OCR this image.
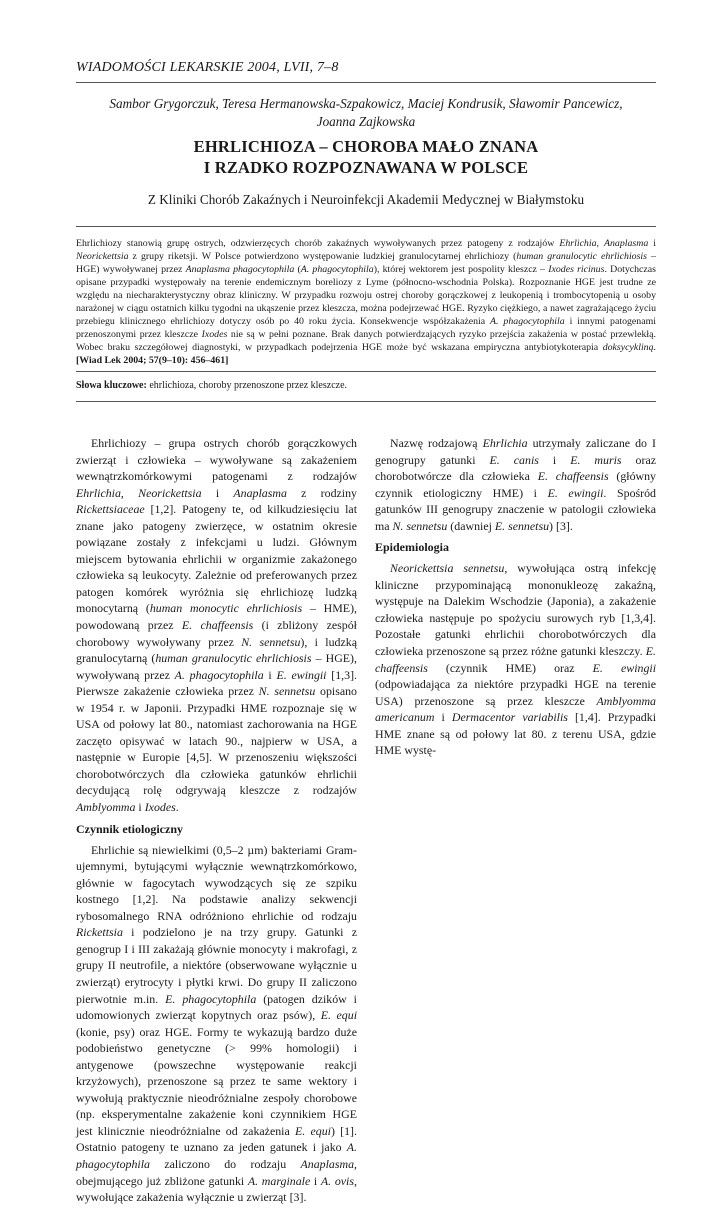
WIADOMOŚCI LEKARSKIE 2004, LVII, 7–8
Sambor Grygorczuk, Teresa Hermanowska-Szpakowicz, Maciej Kondrusik, Sławomir Pancewicz,
Joanna Zajkowska
EHRLICHIOZA – CHOROBA MAŁO ZNANA
I RZADKO ROZPOZNAWANA W POLSCE
Z Kliniki Chorób Zakaźnych i Neuroinfekcji Akademii Medycznej w Białymstoku

Ehrlichiozy stanowią grupę ostrych, odzwierzęcych chorób zakaźnych wywoływanych przez patogeny z rodzajów Ehrlichia, Anaplasma i Neorickettsia z grupy riketsji. W Polsce potwierdzono występowanie ludzkiej granulocytarnej ehrlichiozy (human granulocytic ehrlichiosis – HGE) wywoływanej przez Anaplasma phagocytophila (A. phagocytophila), której wektorem jest pospolity kleszcz – Ixodes ricinus. Dotychczas opisane przypadki występowały na terenie endemicznym boreliozy z Lyme (północno-wschodnia Polska). Rozpoznanie HGE jest trudne ze względu na niecharakterystyczny obraz kliniczny. W przypadku rozwoju ostrej choroby gorączkowej z leukopenią i trombocytopenią u osoby narażonej w ciągu ostatnich kilku tygodni na ukąszenie przez kleszcza, można podejrzewać HGE. Ryzyko ciężkiego, a nawet zagrażającego życiu przebiegu klinicznego ehrlichiozy dotyczy osób po 40 roku życia. Konsekwencje współzakażenia A. phagocytophila i innymi patogenami przenoszonymi przez kleszcze Ixodes nie są w pełni poznane. Brak danych potwierdzających ryzyko przejścia zakażenia w postać przewlekłą. Wobec braku szczegółowej diagnostyki, w przypadkach podejrzenia HGE może być wskazana empiryczna antybiotykoterapia doksycykliną. [Wiad Lek 2004; 57(9–10): 456–461]

Słowa kluczowe: ehrlichioza, choroby przenoszone przez kleszcze.

Ehrlichiozy – grupa ostrych chorób gorączkowych zwierząt i człowieka – wywoływane są zakażeniem wewnątrzkomórkowymi patogenami z rodzajów Ehrlichia, Neorickettsia i Anaplasma z rodziny Rickettsiaceae [1,2]. Patogeny te, od kilkudziesięciu lat znane jako patogeny zwierzęce, w ostatnim okresie powiązane zostały z infekcjami u ludzi. Głównym miejscem bytowania ehrlichii w organizmie zakażonego człowieka są leukocyty. Zależnie od preferowanych przez patogen komórek wyróżnia się ehrlichiozę ludzką monocytarną (human monocytic ehrlichiosis – HME), powodowaną przez E. chaffeensis (i zbliżony zespół chorobowy wywoływany przez N. sennetsu), i ludzką granulocytarną (human granulocytic ehrlichiosis – HGE), wywoływaną przez A. phagocytophila i E. ewingii [1,3]. Pierwsze zakażenie człowieka przez N. sennetsu opisano w 1954 r. w Japonii. Przypadki HME rozpoznaje się w USA od połowy lat 80., natomiast zachorowania na HGE zaczęto opisywać w latach 90., najpierw w USA, a następnie w Europie [4,5]. W przenoszeniu większości chorobotwórczych dla człowieka gatunków ehrlichii decydującą rolę odgrywają kleszcze z rodzajów Amblyomma i Ixodes.

Czynnik etiologiczny

Ehrlichie są niewielkimi (0,5–2 µm) bakteriami Gram-ujemnymi, bytującymi wyłącznie wewnątrzkomórkowo, głównie w fagocytach wywodzących się ze szpiku kostnego [1,2]. Na podstawie analizy sekwencji rybosomalnego RNA odróżniono ehrlichie od rodzaju Rickettsia i podzielono je na trzy grupy. Gatunki z genogrup I i III zakażają głównie monocyty i makrofagi, z grupy II neutrofile, a niektóre (obserwowane wyłącznie u zwierząt) erytrocyty i płytki krwi. Do grupy II zaliczono pierwotnie m.in. E. phagocytophila (patogen dzików i udomowionych zwierząt kopytnych oraz psów), E. equi (konie, psy) oraz HGE. Formy te wykazują bardzo duże podobieństwo genetyczne (> 99% homologii) i antygenowe (powszechne występowanie reakcji krzyżowych), przenoszone są przez te same wektory i wywołują praktycznie nieodróżnialne zespoły chorobowe (np. eksperymentalne zakażenie koni czynnikiem HGE jest klinicznie nieodróżnialne od zakażenia E. equi) [1]. Ostatnio patogeny te uznano za jeden gatunek i jako A. phagocytophila zaliczono do rodzaju Anaplasma, obejmującego już zbliżone gatunki A. marginale i A. ovis, wywołujące zakażenia wyłącznie u zwierząt [3].

Nazwę rodzajową Ehrlichia utrzymały zaliczane do I genogrupy gatunki E. canis i E. muris oraz chorobotwórcze dla człowieka E. chaffeensis (główny czynnik etiologiczny HME) i E. ewingii. Spośród gatunków III genogrupy znaczenie w patologii człowieka ma N. sennetsu (dawniej E. sennetsu) [3].

Epidemiologia

Neorickettsia sennetsu, wywołująca ostrą infekcję kliniczne przypominającą mononukleozę zakaźną, występuje na Dalekim Wschodzie (Japonia), a zakażenie człowieka następuje po spożyciu surowych ryb [1,3,4]. Pozostałe gatunki ehrlichii chorobotwórczych dla człowieka przenoszone są przez różne gatunki kleszczy. E. chaffeensis (czynnik HME) oraz E. ewingii (odpowiadająca za niektóre przypadki HGE na terenie USA) przenoszone są przez kleszcze Amblyomma americanum i Dermacentor variabilis [1,4]. Przypadki HME znane są od połowy lat 80. z terenu USA, gdzie HME wystę-
